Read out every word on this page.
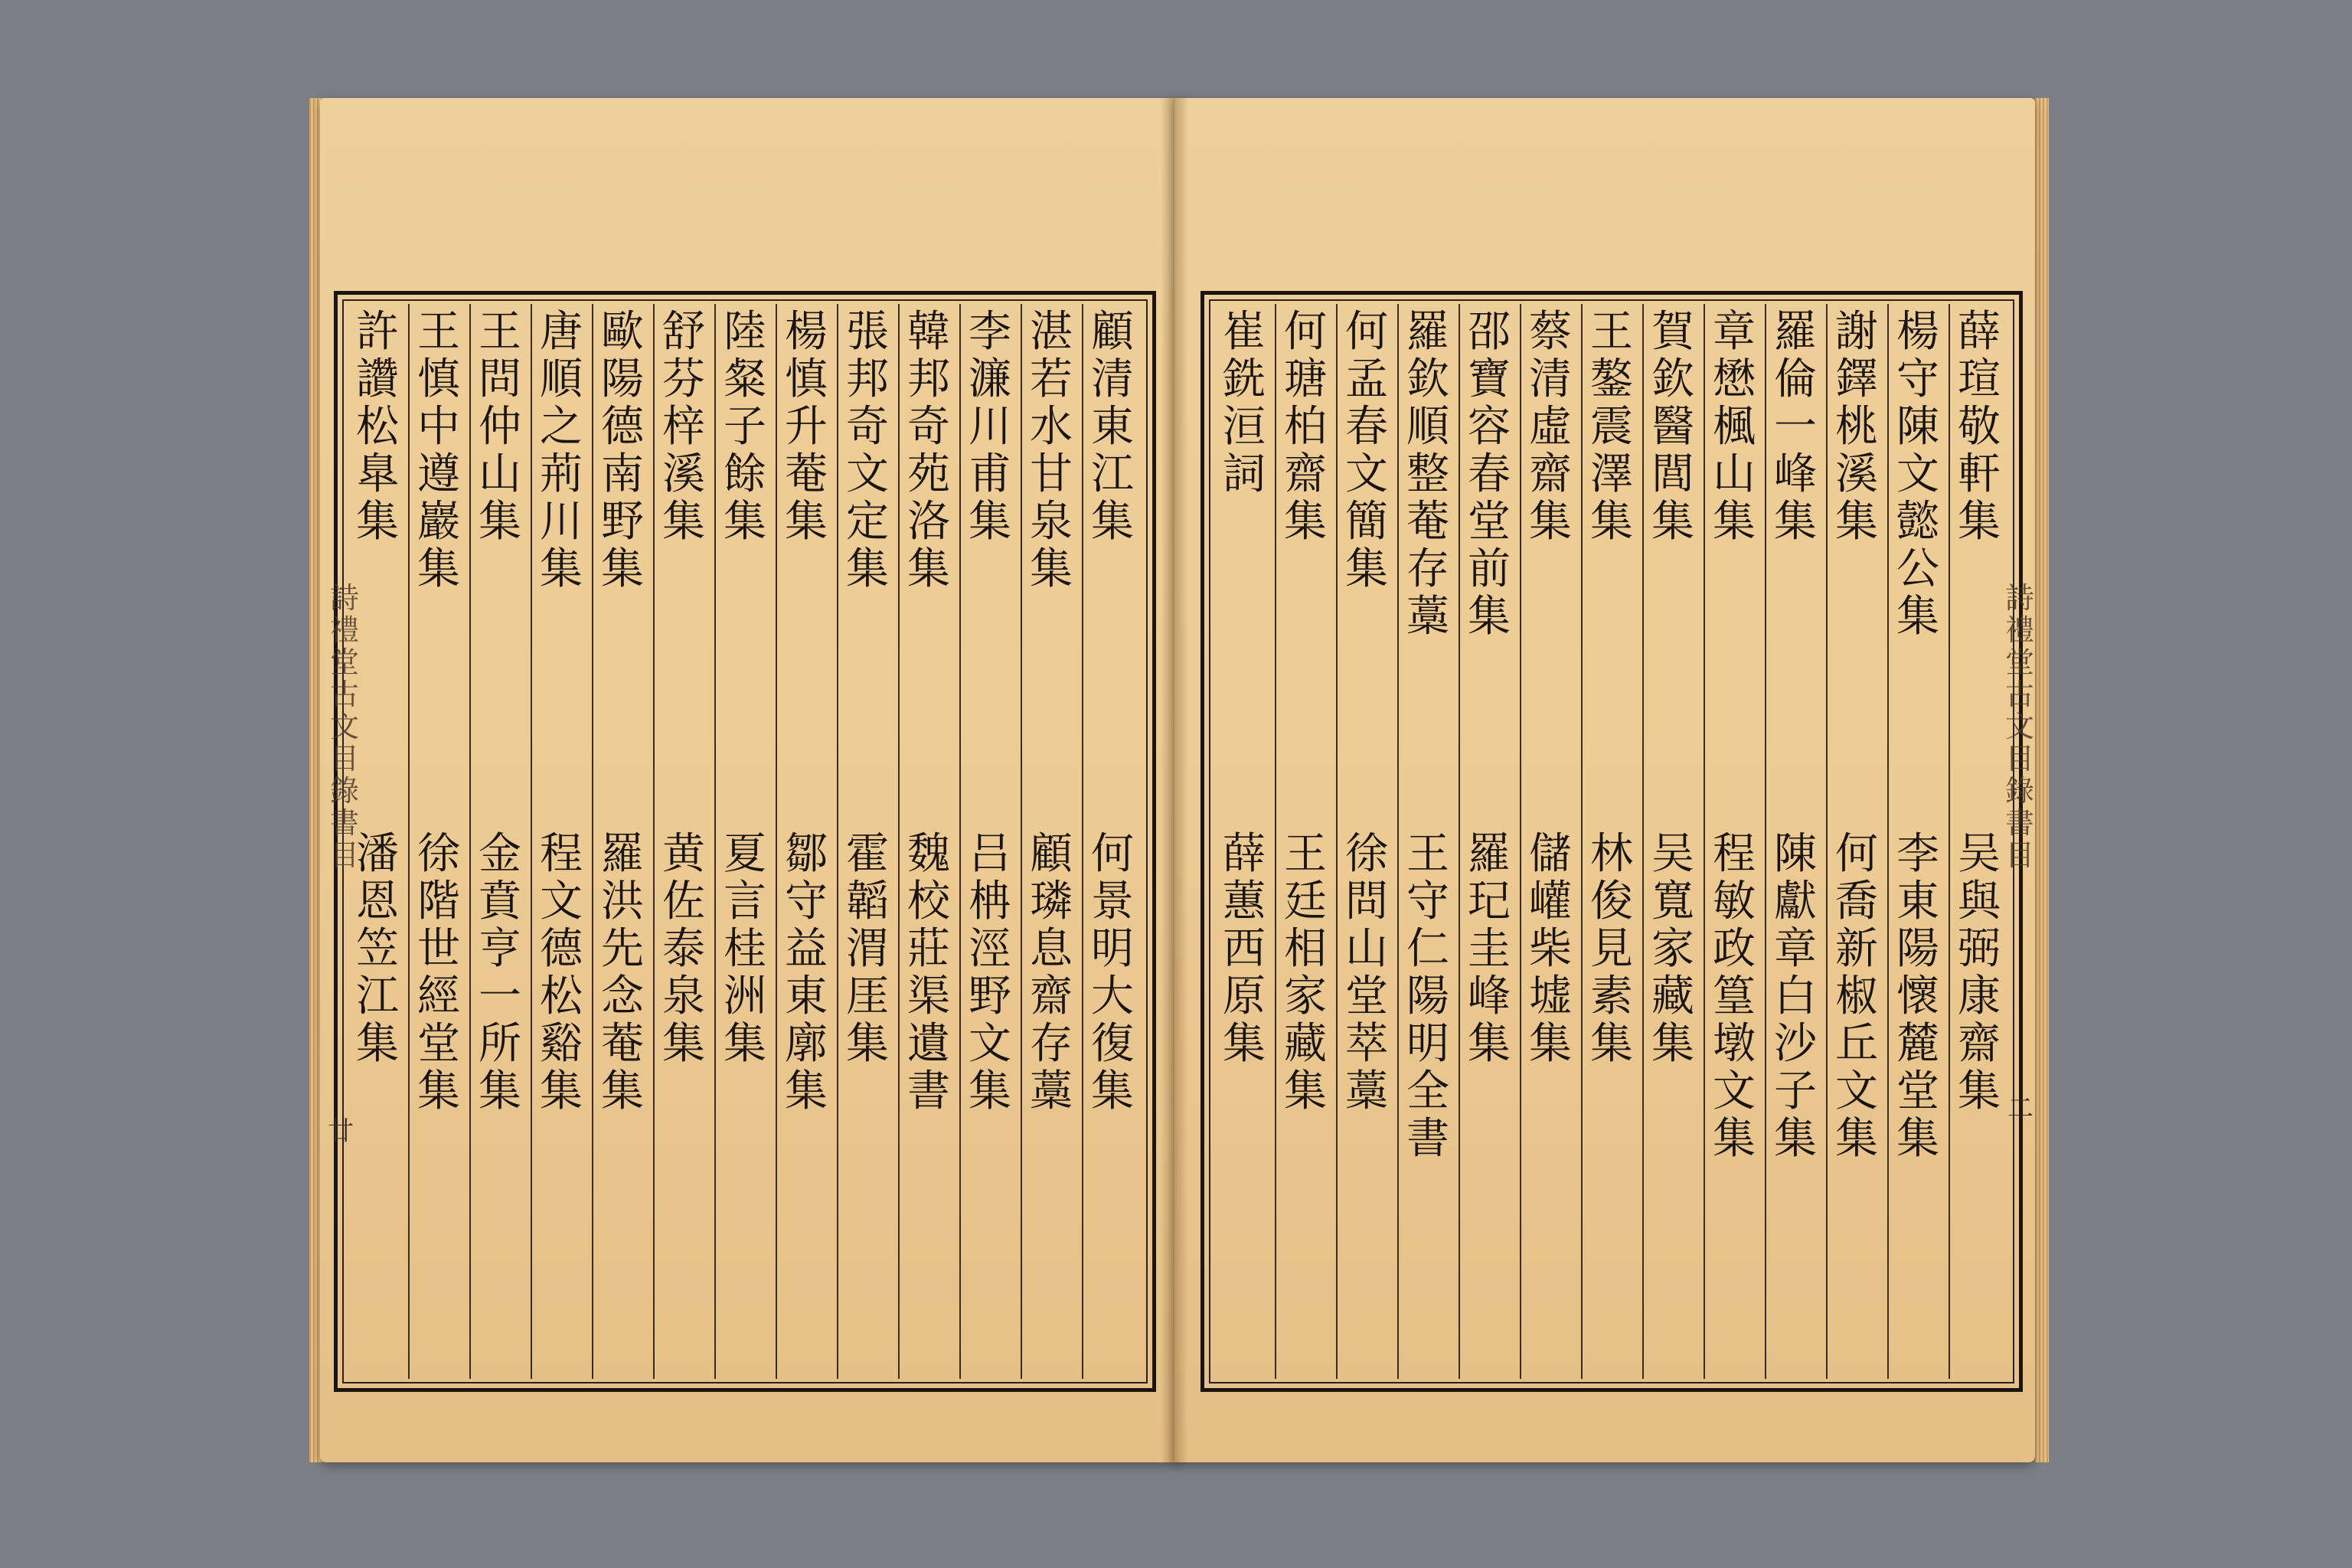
顧清東江集
何景明大復集
湛若水甘泉集
顧璘息齋存藁
李濂川甫集
吕柟涇野文集
韓邦奇苑洛集
魏校莊渠遺書
張邦奇文定集
霍韜渭厓集
楊慎升菴集
鄒守益東廓集
陸粲子餘集
夏言桂洲集
舒芬梓溪集
黄佐泰泉集
歐陽德南野集
羅洪先念菴集
唐順之荊川集
程文德松谿集
王問仲山集
金賁亨一所集
王慎中遵巖集
徐階世經堂集
許讚松臯集
潘恩笠江集
薛瑄敬軒集
吴與弼康齋集
楊守陳文懿公集
李東陽懷麓堂集
謝鐸桃溪集
何喬新椒丘文集
羅倫一峰集
陳獻章白沙子集
章懋楓山集
程敏政篁墩文集
賀欽醫閭集
吴寬家藏集
王鏊震澤集
林俊見素集
蔡清虛齋集
儲巏柴墟集
邵寶容春堂前集
羅玘圭峰集
羅欽順整菴存藁
王守仁陽明全書
何孟春文簡集
徐問山堂萃藁
何瑭柏齋集
王廷相家藏集
崔銑洹詞
薛蕙西原集
詩禮堂古文目錄書目
詩禮堂古文目錄書目
廿
二
